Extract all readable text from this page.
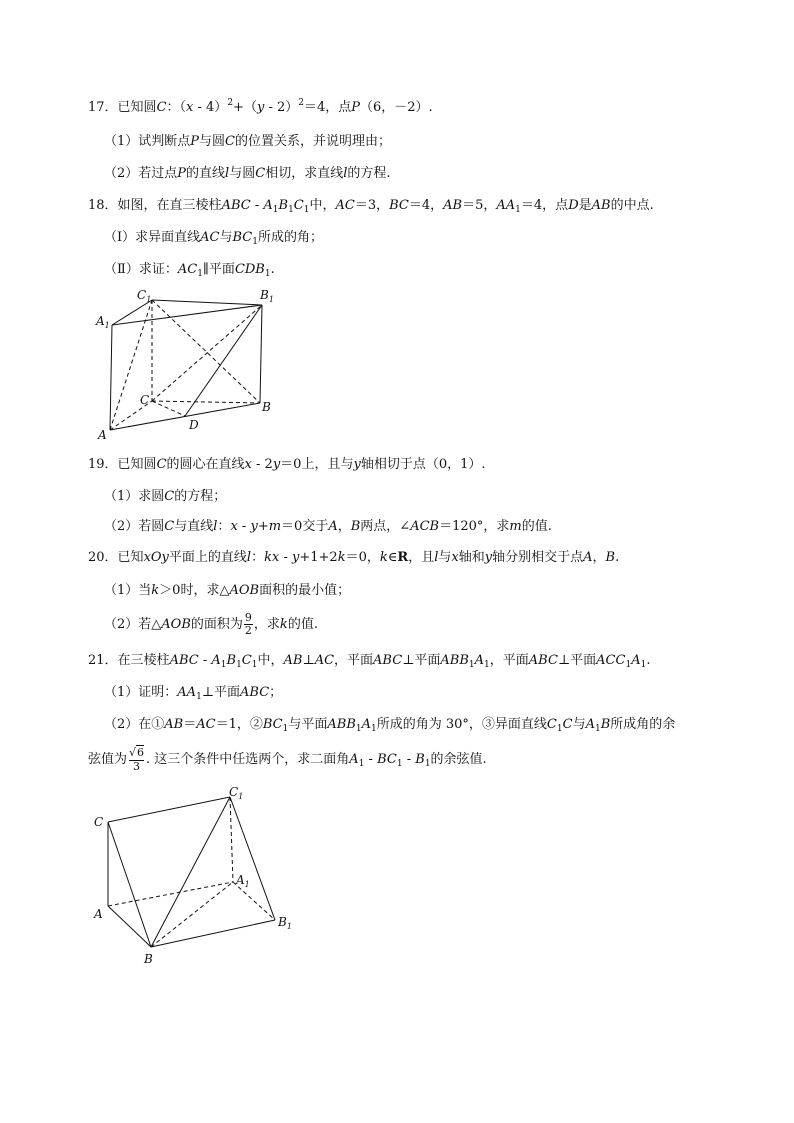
17．已知圆C：（x - 4）$^2$+（y - 2）$^2$＝4，点P（6，－2）.
（1）试判断点P与圆C的位置关系，并说明理由；
（2）若过点P的直线l与圆C相切，求直线l的方程.
18．如图，在直三棱柱ABC - $A_1B_1C_1$中，AC＝3，BC＝4，AB＝5，$AA_1=4$，点D是AB的中点.
（Ⅰ）求异面直线AC与$BC_1$所成的角；
（Ⅱ）求证：$AC_1\parallel$平面$CDB_1$.
$C_1$	$B_1$
$A_1$
C	B
A
D
19．已知圆C的圆心在直线x - 2y＝0上，且与y轴相切于点（0，1）.
（1）求圆C的方程；
（2）若圆C与直线l：x - y+m＝0交于A，B两点，∠ACB＝120°，求m的值.
20．已知xOy平面上的直线l：kx - y+1+2k＝0，k∈R，且l与x轴和y轴分别相交于点A，B.
（1）当k＞0时，求△AOB面积的最小值；
（2）若△AOB的面积为 $\frac{9}{2}$ ，求k的值.
21．在三棱柱ABC - $A_1B_1C_1$中，AB⊥AC，平面ABC⊥平面$ABB_1A_1$，平面ABC⊥平面$ACC_1A_1$.
（1）证明：$AA_1\perp$平面ABC；
（2）在①AB＝AC＝1，$②BC_1$与平面$ABB_1A_1$所成的角为 30°，③异面直线$C_1C$与$A_1B$所成角的余
弦值为 $\frac{√6}{3}$ . 这三个条件中任选两个，求二面角$A_1 - BC_1 - B_1$的余弦值.
$C_1$
C
$A_1$
A
$B_1$
B
